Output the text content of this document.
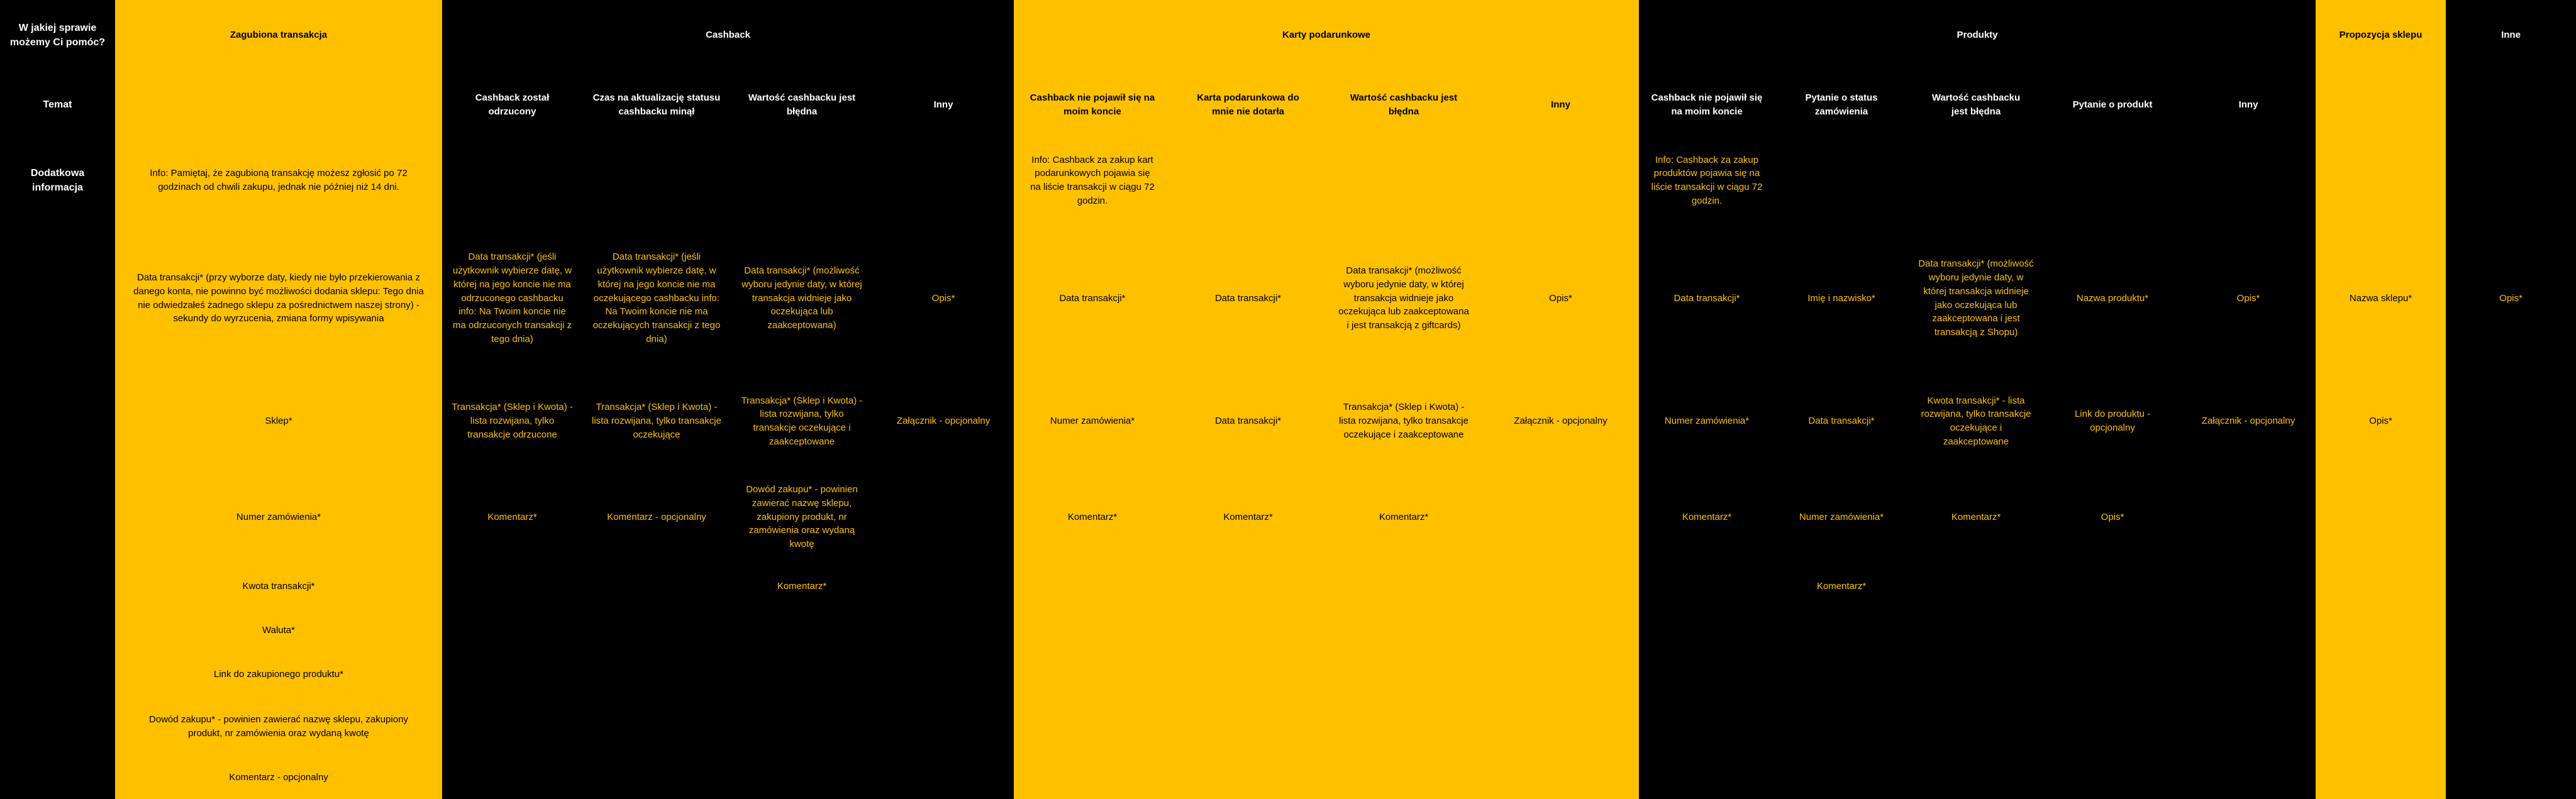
W jakiej sprawie możemy Ci pomóc?
Temat
Dodatkowa informacja
Zagubiona transakcja
Info: Pamiętaj, że zagubioną transakcję możesz zgłosić po 72 godzinach od chwili zakupu, jednak nie później niż 14 dni.
Data transakcji* (przy wyborze daty, kiedy nie było przekierowania z danego konta, nie powinno być możliwości dodania sklepu: Tego dnia nie odwiedzałeś żadnego sklepu za pośrednictwem naszej strony) - sekundy do wyrzucenia, zmiana formy wpisywania
Sklep*
Numer zamówienia*
Kwota transakcji*
Waluta*
Link do zakupionego produktu*
Dowód zakupu* - powinien zawierać nazwę sklepu, zakupiony produkt, nr zamówienia oraz wydaną kwotę
Komentarz - opcjonalny
Cashback
Cashback został odrzucony
Data transakcji* (jeśli użytkownik wybierze datę, w której na jego koncie nie ma odrzuconego cashbacku info: Na Twoim koncie nie ma odrzuconych transakcji z tego dnia)
Transakcja* (Sklep i Kwota) - lista rozwijana, tylko transakcje odrzucone
Komentarz*
Czas na aktualizację statusu cashbacku minął
Data transakcji* (jeśli użytkownik wybierze datę, w której na jego koncie nie ma oczekującego cashbacku info: Na Twoim koncie nie ma oczekujących transakcji z tego dnia)
Transakcja* (Sklep i Kwota) - lista rozwijana, tylko transakcje oczekujące
Komentarz - opcjonalny
Wartość cashbacku jest błędna
Data transakcji* (możliwość wyboru jedynie daty, w której transakcja widnieje jako oczekująca lub zaakceptowana)
Transakcja* (Sklep i Kwota) - lista rozwijana, tylko transakcje oczekujące i zaakceptowane
Dowód zakupu* - powinien zawierać nazwę sklepu, zakupiony produkt, nr zamówienia oraz wydaną kwotę
Komentarz*
Inny
Opis*
Załącznik - opcjonalny
Karty podarunkowe
Cashback nie pojawił się na moim koncie
Info: Cashback za zakup kart podarunkowych pojawia się na liście transakcji w ciągu 72 godzin.
Data transakcji*
Numer zamówienia*
Komentarz*
Karta podarunkowa do mnie nie dotarła
Data transakcji*
Data transakcji*
Komentarz*
Wartość cashbacku jest błędna
Data transakcji* (możliwość wyboru jedynie daty, w której transakcja widnieje jako oczekująca lub zaakceptowana i jest transakcją z giftcards)
Transakcja* (Sklep i Kwota) - lista rozwijana, tylko transakcje oczekujące i zaakceptowane
Komentarz*
Inny
Opis*
Załącznik - opcjonalny
Produkty
Cashback nie pojawił się na moim koncie
Info: Cashback za zakup produktów pojawia się na liście transakcji w ciągu 72 godzin.
Data transakcji*
Numer zamówienia*
Komentarz*
Pytanie o status zamówienia
Imię i nazwisko*
Data transakcji*
Numer zamówienia*
Komentarz*
Wartość cashbacku jest błędna
Data transakcji* (możliwość wyboru jedynie daty, w której transakcja widnieje jako oczekująca lub zaakceptowana i jest transakcją z Shopu)
Kwota transakcji* - lista rozwijana, tylko transakcje oczekujące i zaakceptowane
Komentarz*
Pytanie o produkt
Nazwa produktu*
Link do produktu - opcjonalny
Opis*
Inny
Opis*
Załącznik - opcjonalny
Propozycja sklepu
Nazwa sklepu*
Opis*
Inne
Opis*
